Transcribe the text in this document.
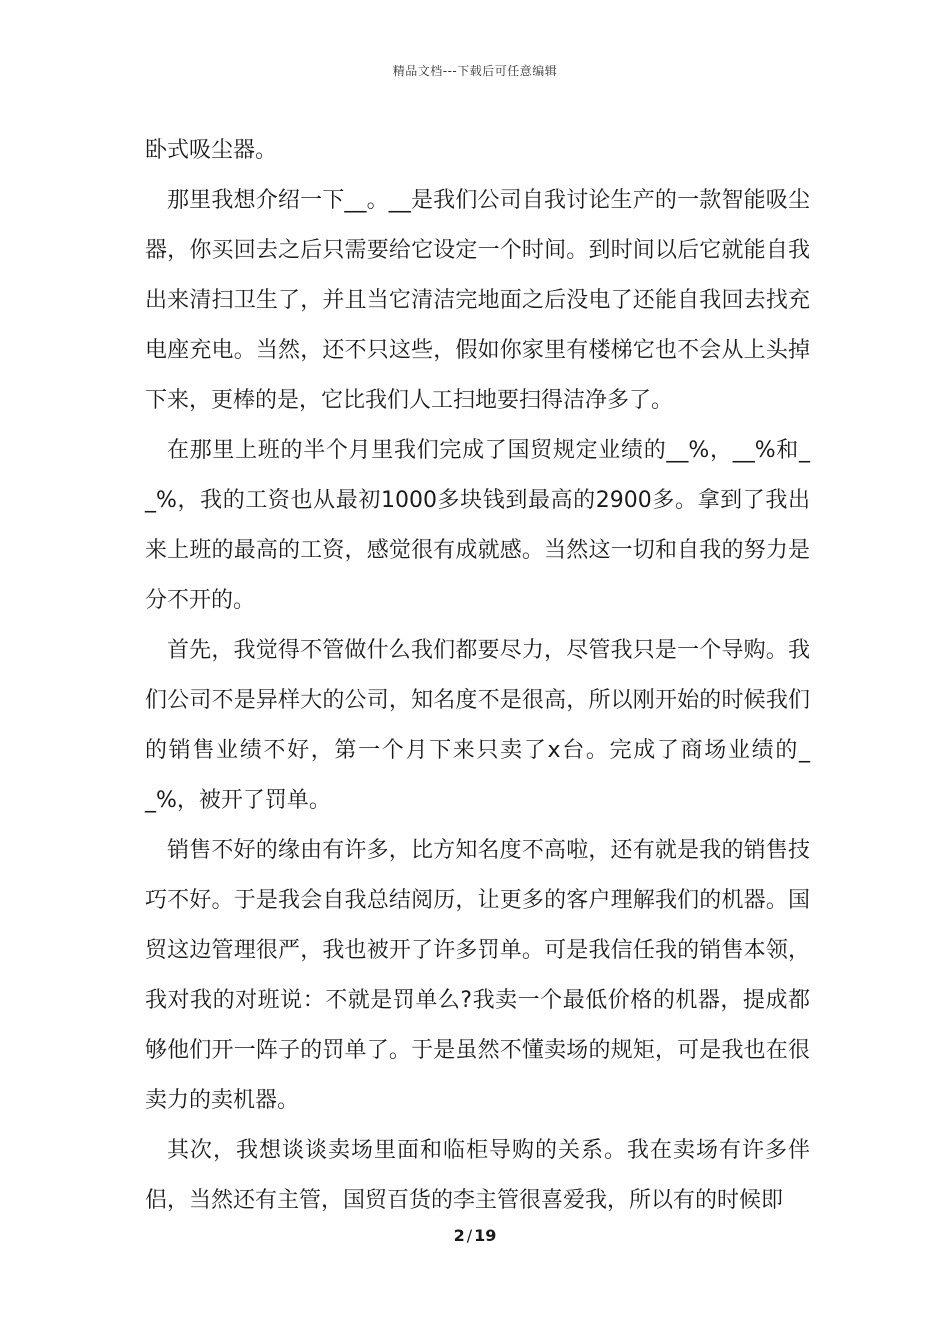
精品文档---下载后可任意编辑

卧式吸尘器。

那里我想介绍一下__。__是我们公司自我讨论生产的一款智能吸尘器，你买回去之后只需要给它设定一个时间。到时间以后它就能自我出来清扫卫生了，并且当它清洁完地面之后没电了还能自我回去找充电座充电。当然，还不只这些，假如你家里有楼梯它也不会从上头掉下来，更棒的是，它比我们人工扫地要扫得洁净多了。

在那里上班的半个月里我们完成了国贸规定业绩的__%，__%和__%，我的工资也从最初1000多块钱到最高的2900多。拿到了我出来上班的最高的工资，感觉很有成就感。当然这一切和自我的努力是分不开的。

首先，我觉得不管做什么我们都要尽力，尽管我只是一个导购。我们公司不是异样大的公司，知名度不是很高，所以刚开始的时候我们的销售业绩不好，第一个月下来只卖了x台。完成了商场业绩的__%，被开了罚单。

销售不好的缘由有许多，比方知名度不高啦，还有就是我的销售技巧不好。于是我会自我总结阅历，让更多的客户理解我们的机器。国贸这边管理很严，我也被开了许多罚单。可是我信任我的销售本领，我对我的对班说：不就是罚单么?我卖一个最低价格的机器，提成都够他们开一阵子的罚单了。于是虽然不懂卖场的规矩，可是我也在很卖力的卖机器。

其次，我想谈谈卖场里面和临柜导购的关系。我在卖场有许多伴侣，当然还有主管，国贸百货的李主管很喜爱我，所以有的时候即

2 / 19
